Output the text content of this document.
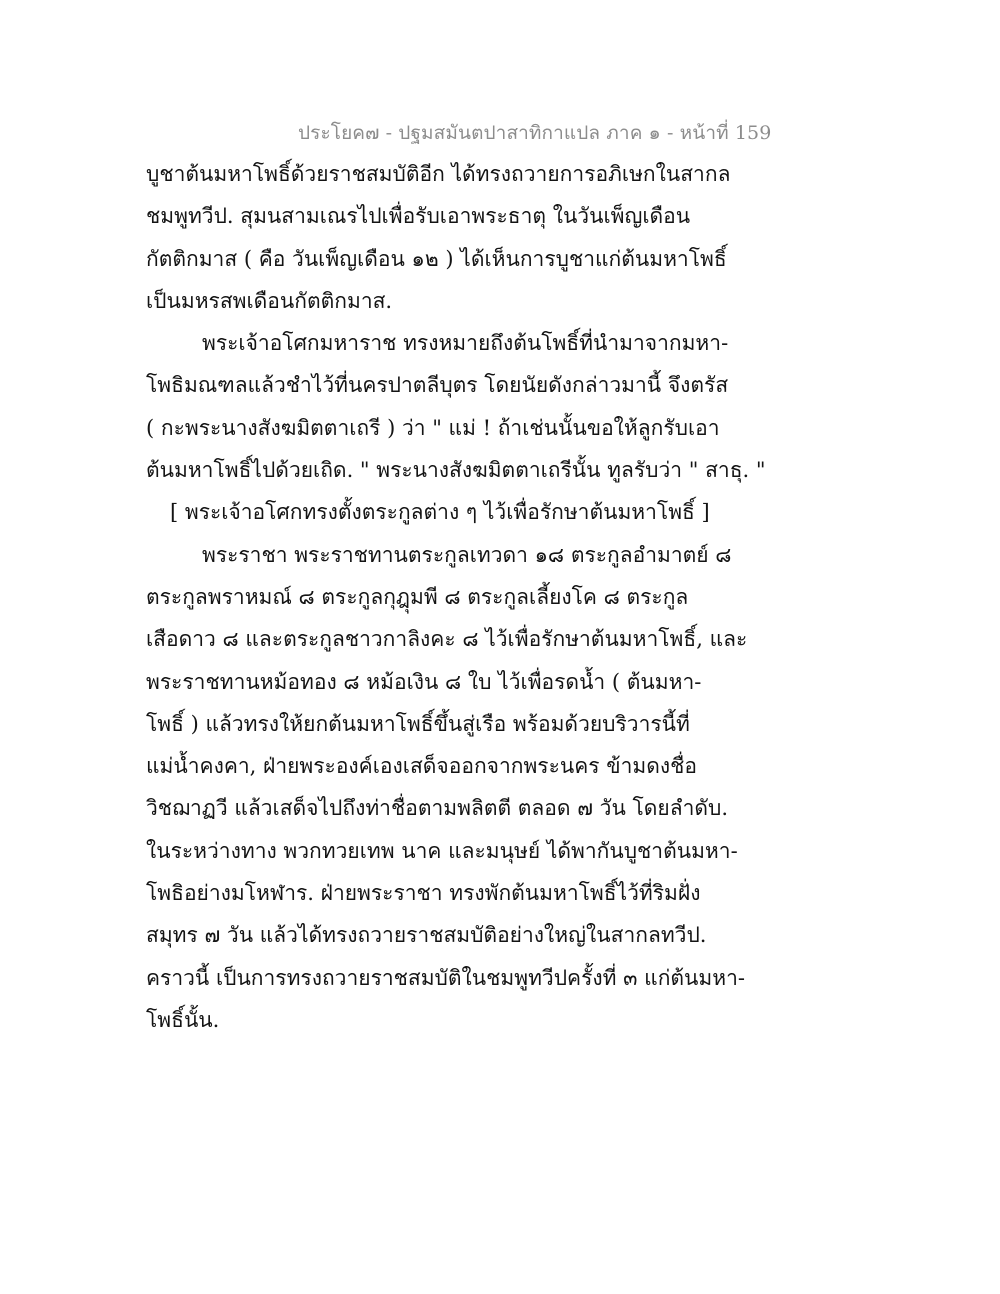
ประโยค๗ - ปฐมสมันตปาสาทิกาแปล ภาค ๑ - หน้าที่ 159
บูชาต้นมหาโพธิ์ด้วยราชสมบัติอีก ได้ทรงถวายการอภิเษกในสากล
ชมพูทวีป. สุมนสามเณรไปเพื่อรับเอาพระธาตุ ในวันเพ็ญเดือน
กัตติกมาส ( คือ วันเพ็ญเดือน ๑๒ ) ได้เห็นการบูชาแก่ต้นมหาโพธิ์
เป็นมหรสพเดือนกัตติกมาส.
พระเจ้าอโศกมหาราช ทรงหมายถึงต้นโพธิ์ที่นำมาจากมหา-
โพธิมณฑลแล้วชำไว้ที่นครปาตลีบุตร โดยนัยดังกล่าวมานี้ จึงตรัส
( กะพระนางสังฆมิตตาเถรี ) ว่า " แม่ ! ถ้าเช่นนั้นขอให้ลูกรับเอา
ต้นมหาโพธิ์ไปด้วยเถิด. " พระนางสังฆมิตตาเถรีนั้น ทูลรับว่า " สาธุ. "
[ พระเจ้าอโศกทรงตั้งตระกูลต่าง ๆ ไว้เพื่อรักษาต้นมหาโพธิ์ ]
พระราชา พระราชทานตระกูลเทวดา ๑๘ ตระกูลอำมาตย์ ๘
ตระกูลพราหมณ์ ๘ ตระกูลกุฎุมพี ๘ ตระกูลเลี้ยงโค ๘ ตระกูล
เสือดาว ๘ และตระกูลชาวกาลิงคะ ๘ ไว้เพื่อรักษาต้นมหาโพธิ์, และ
พระราชทานหม้อทอง ๘ หม้อเงิน ๘ ใบ ไว้เพื่อรดน้ำ ( ต้นมหา-
โพธิ์ ) แล้วทรงให้ยกต้นมหาโพธิ์ขึ้นสู่เรือ พร้อมด้วยบริวารนี้ที่
แม่น้ำคงคา, ฝ่ายพระองค์เองเสด็จออกจากพระนคร ข้ามดงชื่อ
วิชฌาฏวี แล้วเสด็จไปถึงท่าชื่อตามพลิตตี ตลอด ๗ วัน โดยลำดับ.
ในระหว่างทาง พวกทวยเทพ นาค และมนุษย์ ได้พากันบูชาต้นมหา-
โพธิอย่างมโหฬาร. ฝ่ายพระราชา ทรงพักต้นมหาโพธิ์ไว้ที่ริมฝั่ง
สมุทร ๗ วัน แล้วได้ทรงถวายราชสมบัติอย่างใหญ่ในสากลทวีป.
คราวนี้ เป็นการทรงถวายราชสมบัติในชมพูทวีปครั้งที่ ๓ แก่ต้นมหา-
โพธิ์นั้น.
